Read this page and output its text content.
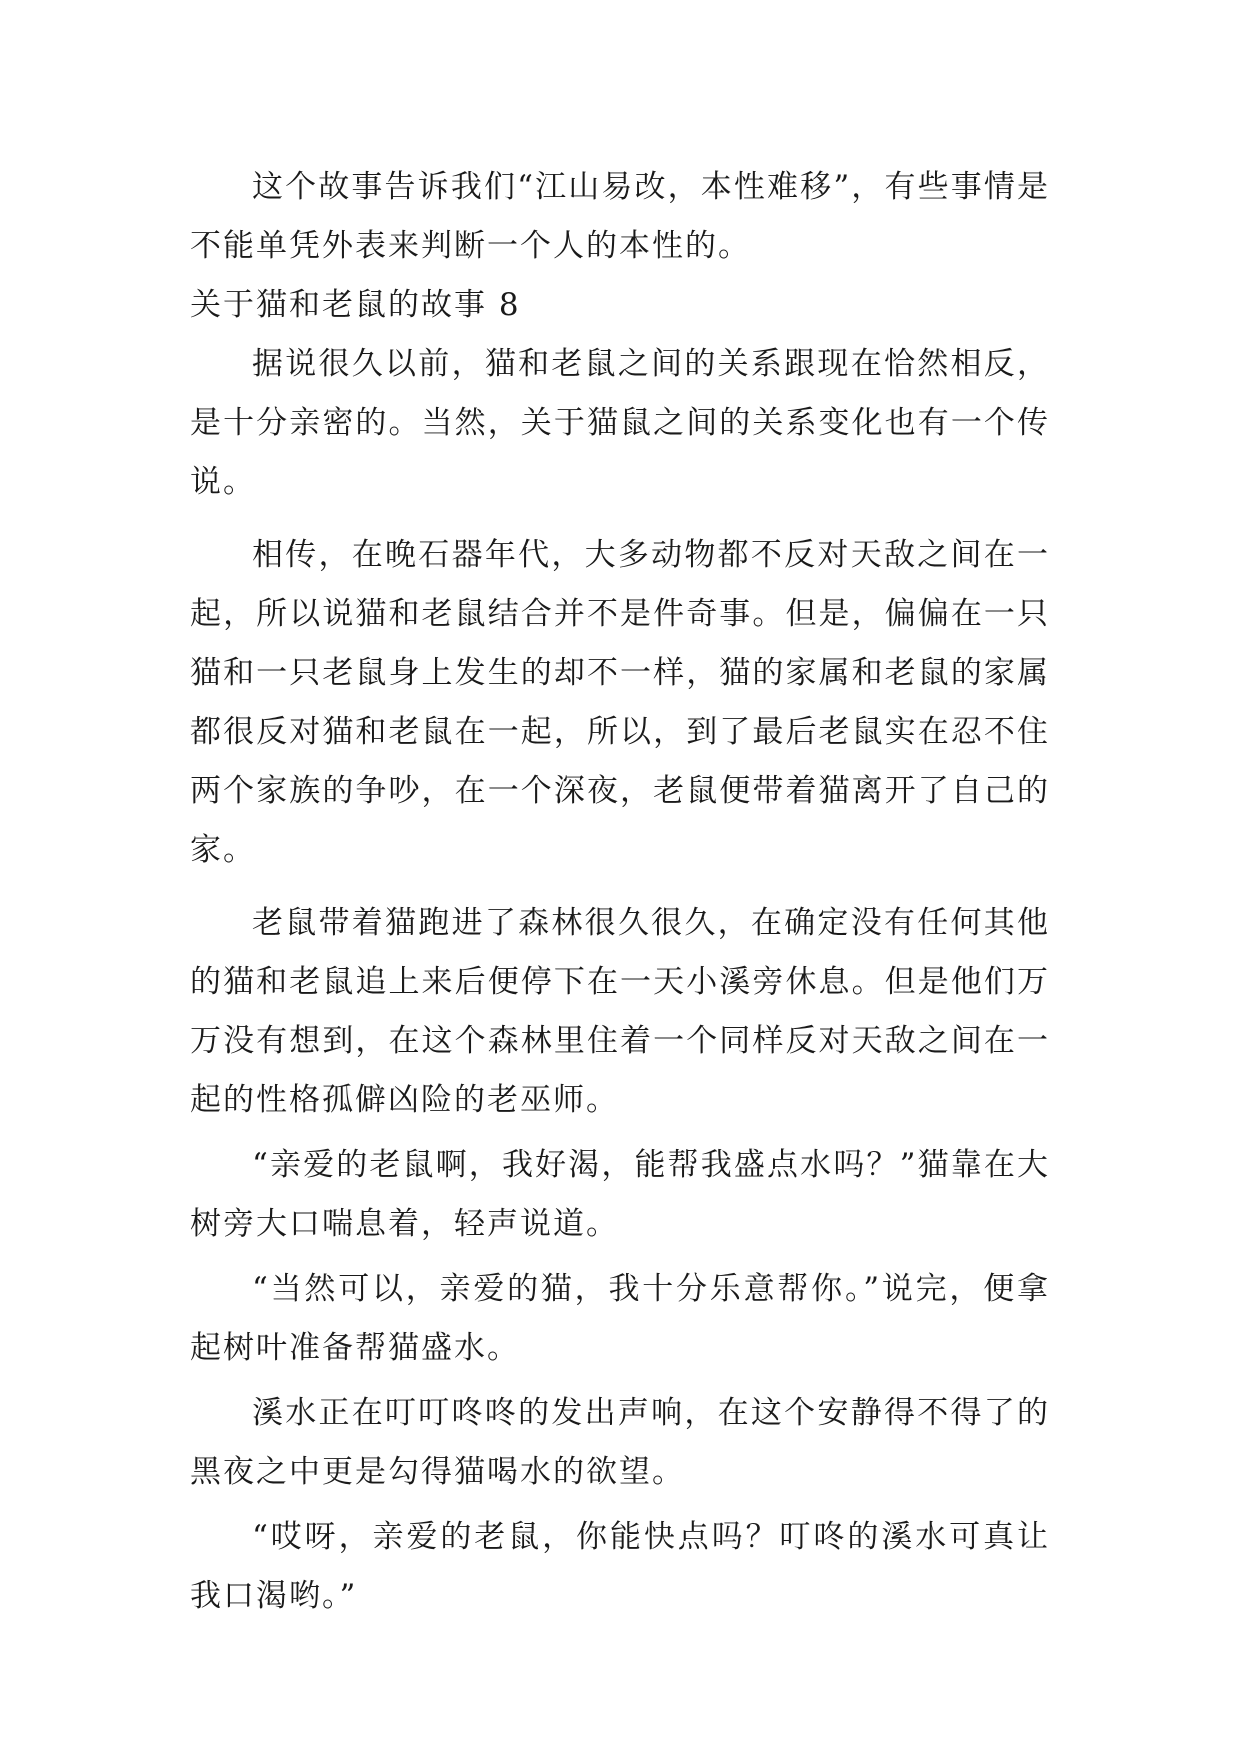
这个故事告诉我们“江山易改，本性难移”，有些事情是不能单凭外表来判断一个人的本性的。

关于猫和老鼠的故事 8

据说很久以前，猫和老鼠之间的关系跟现在恰然相反，是十分亲密的。当然，关于猫鼠之间的关系变化也有一个传说。

相传，在晚石器年代，大多动物都不反对天敌之间在一起，所以说猫和老鼠结合并不是件奇事。但是，偏偏在一只猫和一只老鼠身上发生的却不一样，猫的家属和老鼠的家属都很反对猫和老鼠在一起，所以，到了最后老鼠实在忍不住两个家族的争吵，在一个深夜，老鼠便带着猫离开了自己的家。

老鼠带着猫跑进了森林很久很久，在确定没有任何其他的猫和老鼠追上来后便停下在一天小溪旁休息。但是他们万万没有想到，在这个森林里住着一个同样反对天敌之间在一起的性格孤僻凶险的老巫师。

“亲爱的老鼠啊，我好渴，能帮我盛点水吗？”猫靠在大树旁大口喘息着，轻声说道。

“当然可以，亲爱的猫，我十分乐意帮你。”说完，便拿起树叶准备帮猫盛水。

溪水正在叮叮咚咚的发出声响，在这个安静得不得了的黑夜之中更是勾得猫喝水的欲望。

“哎呀，亲爱的老鼠，你能快点吗？叮咚的溪水可真让我口渴哟。”
